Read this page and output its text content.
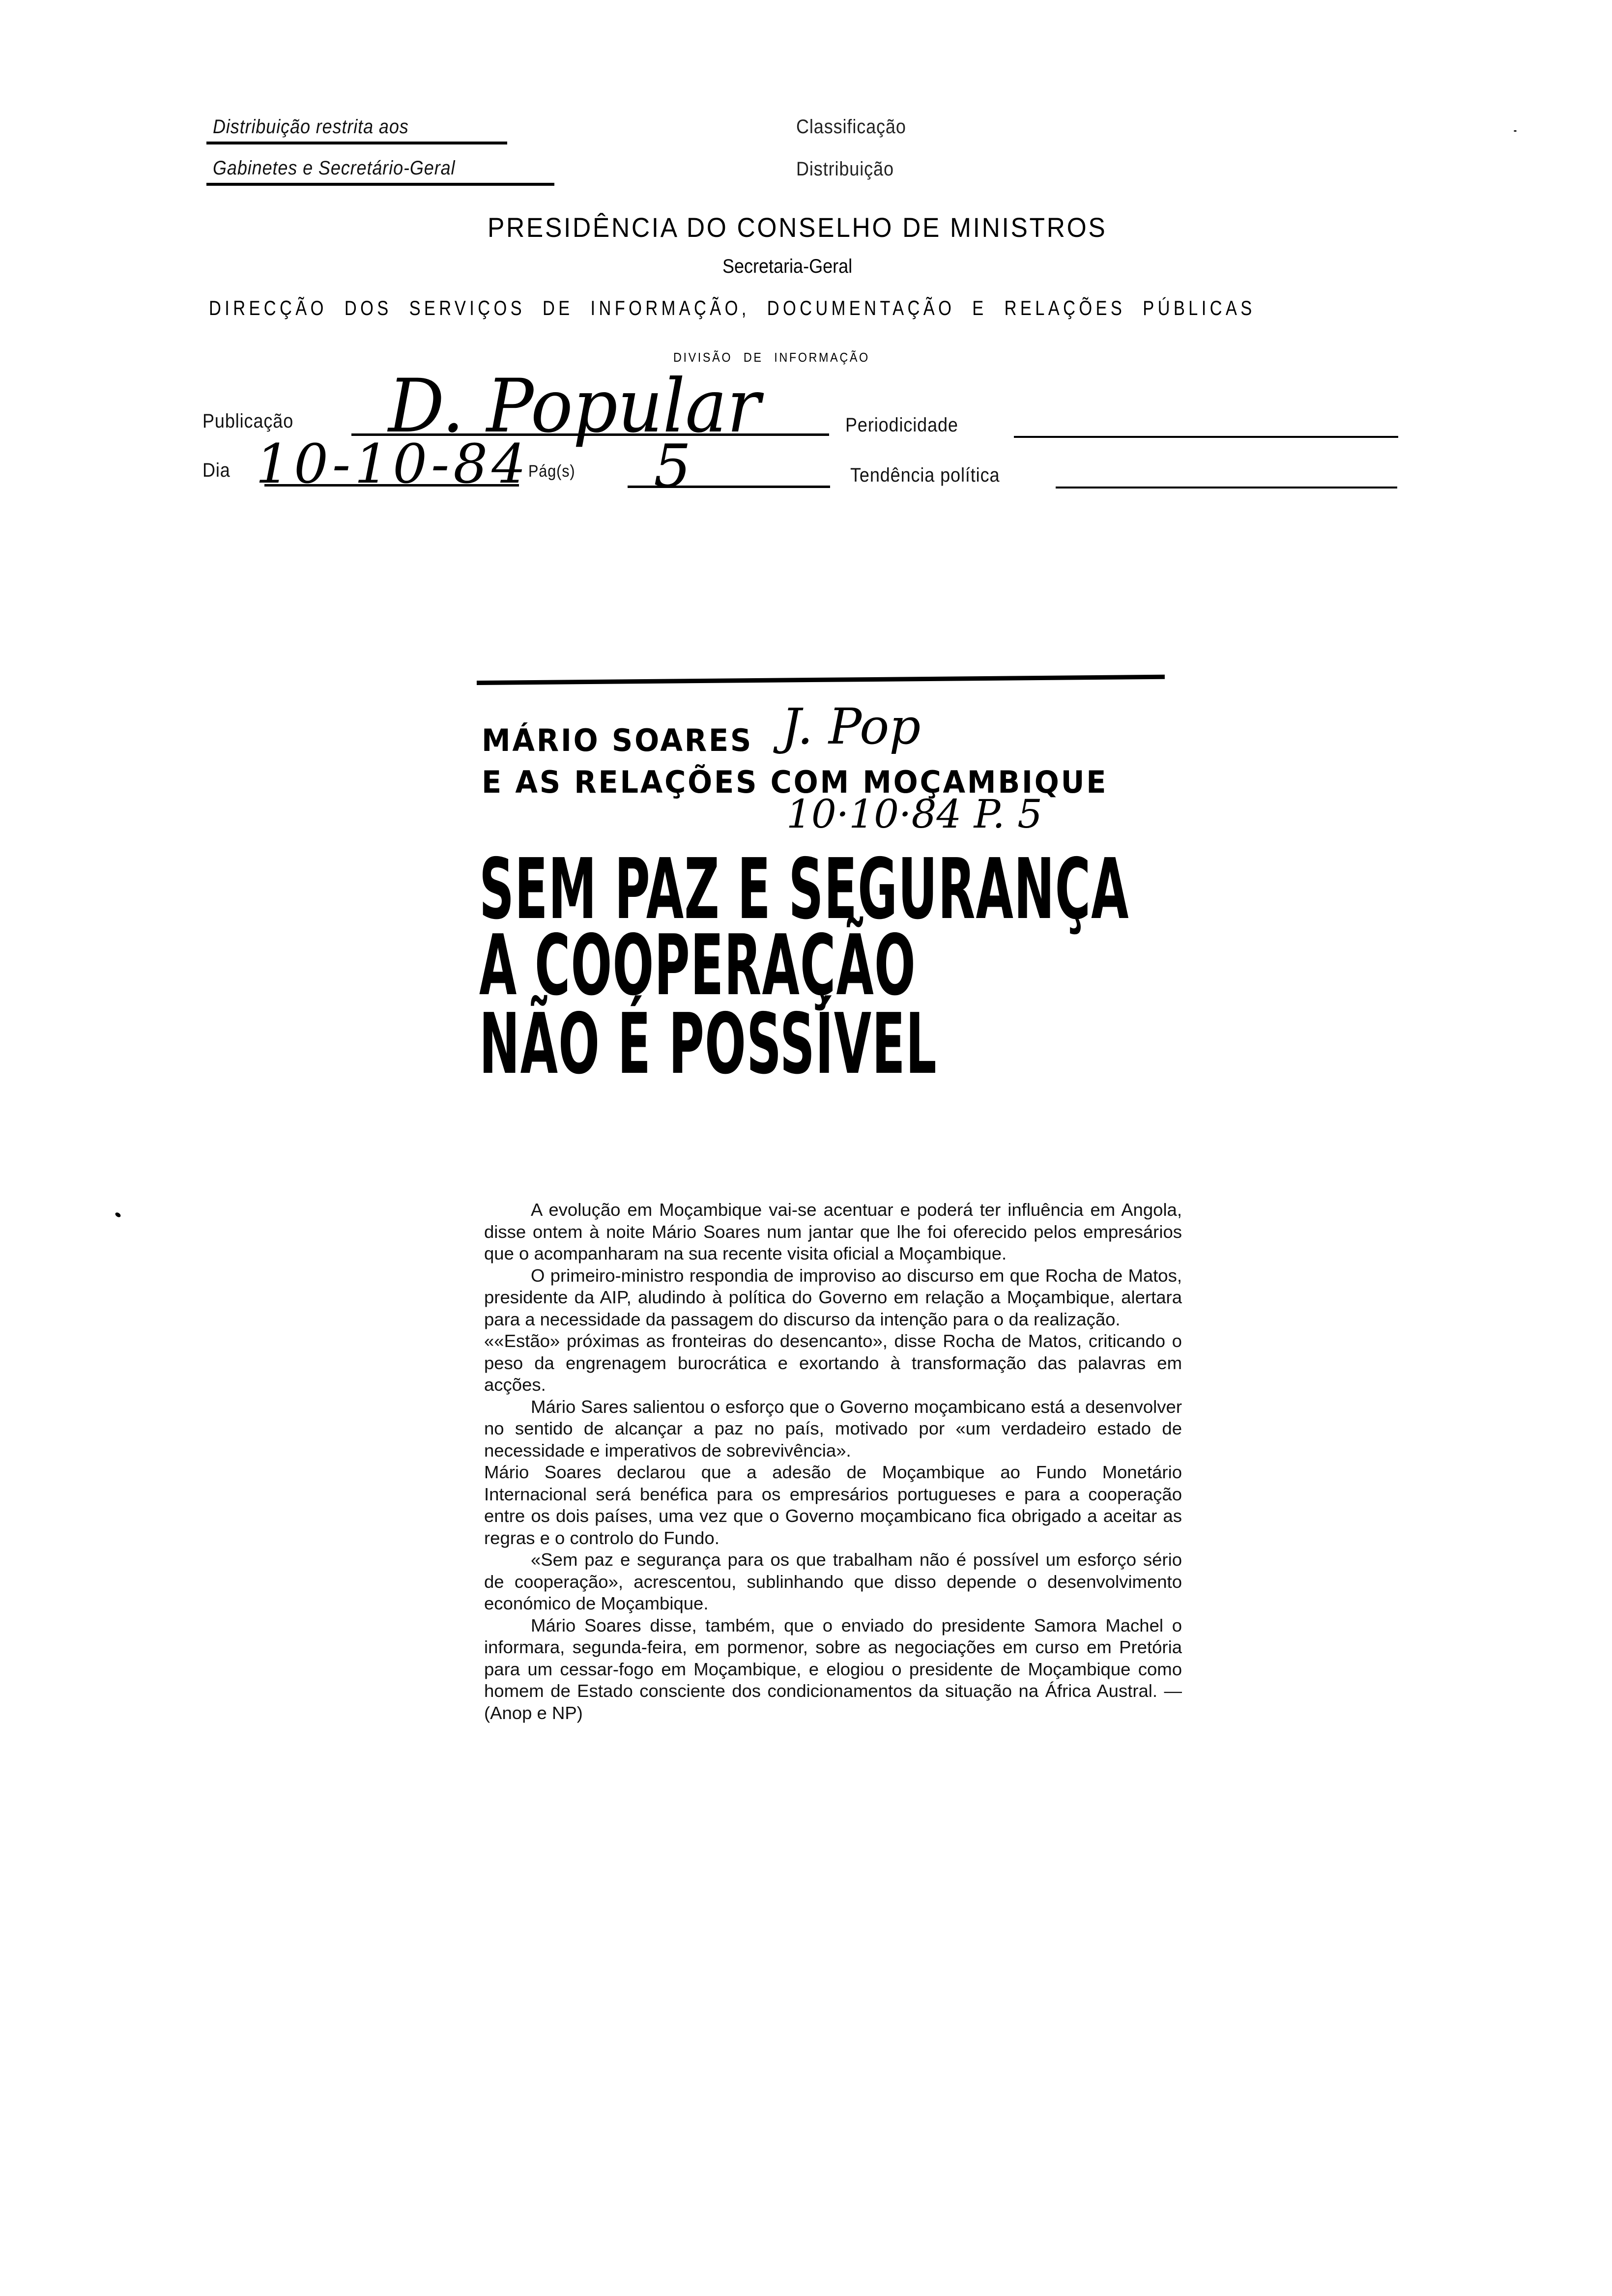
Distribuição restrita aos
Gabinetes e Secretário-Geral
Classificação
Distribuição
PRESIDÊNCIA DO CONSELHO DE MINISTROS
Secretaria-Geral
DIRECÇÃO DOS SERVIÇOS DE INFORMAÇÃO, DOCUMENTAÇÃO E RELAÇÕES PÚBLICAS
DIVISÃO DE INFORMAÇÃO
Publicação D. Popular	Periodicidade
Dia 10-10-84
Pág(s) 5	Tendência política
MÁRIO SOARES
E AS RELAÇÕES COM MOÇAMBIQUE
J. Pop
10·10·84 P. 5
SEM PAZ E SEGURANÇA
A COOPERAÇÃO
NÃO É POSSÍVEL

A evolução em Moçambique vai-se acentuar e poderá ter influência em Angola, disse ontem à noite Mário Soares num jantar que lhe foi oferecido pelos empresários que o acompanharam na sua recente visita oficial a Moçambique.

O primeiro-ministro respondia de improviso ao discurso em que Rocha de Matos, presidente da AIP, aludindo à política do Governo em relação a Moçambique, alertara para a necessidade da passagem do discurso da intenção para o da realização.

««Estão» próximas as fronteiras do desencanto», disse Rocha de Matos, criticando o peso da engrenagem burocrática e exortando à transformação das palavras em acções.

Mário Sares salientou o esforço que o Governo moçambicano está a desenvolver no sentido de alcançar a paz no país, motivado por «um verdadeiro estado de necessidade e imperativos de sobrevivência».

Mário Soares declarou que a adesão de Moçambique ao Fundo Monetário Internacional será benéfica para os empresários portugueses e para a cooperação entre os dois países, uma vez que o Governo moçambicano fica obrigado a aceitar as regras e o controlo do Fundo.

«Sem paz e segurança para os que trabalham não é possível um esforço sério de cooperação», acrescentou, sublinhando que disso depende o desenvolvimento económico de Moçambique.

Mário Soares disse, também, que o enviado do presidente Samora Machel o informara, segunda-feira, em pormenor, sobre as negociações em curso em Pretória para um cessar-fogo em Moçambique, e elogiou o presidente de Moçambique como homem de Estado consciente dos condicionamentos da situação na África Austral. — (Anop e NP)
